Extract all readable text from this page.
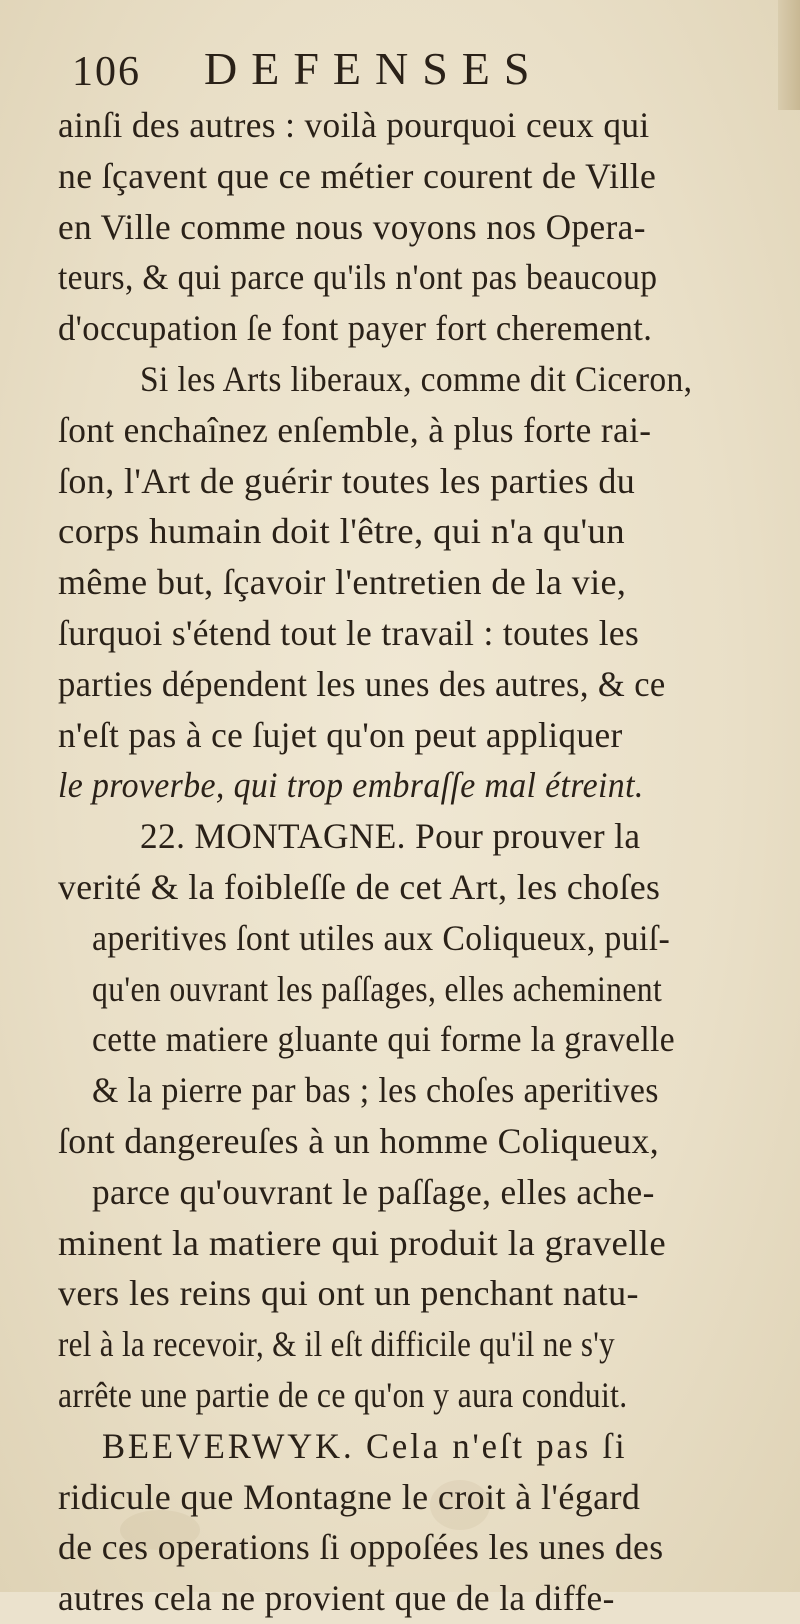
106 DEFENSES
ainſi des autres : voilà pourquoi ceux qui
ne ſçavent que ce métier courent de Ville
en Ville comme nous voyons nos Opera-
teurs, & qui parce qu'ils n'ont pas beaucoup
d'occupation ſe font payer fort cherement.
Si les Arts liberaux, comme dit Ciceron,
ſont enchaînez enſemble, à plus forte rai-
ſon, l'Art de guérir toutes les parties du
corps humain doit l'être, qui n'a qu'un
même but, ſçavoir l'entretien de la vie,
ſurquoi s'étend tout le travail : toutes les
parties dépendent les unes des autres, & ce
n'eſt pas à ce ſujet qu'on peut appliquer
le proverbe, qui trop embraſſe mal étreint.
22. MONTAGNE. Pour prouver la
verité & la foibleſſe de cet Art, les choſes
aperitives ſont utiles aux Coliqueux, puiſ-
qu'en ouvrant les paſſages, elles acheminent
cette matiere gluante qui forme la gravelle
& la pierre par bas ; les choſes aperitives
ſont dangereuſes à un homme Coliqueux,
parce qu'ouvrant le paſſage, elles ache-
minent la matiere qui produit la gravelle
vers les reins qui ont un penchant natu-
rel à la recevoir, & il eſt difficile qu'il ne s'y
arrête une partie de ce qu'on y aura conduit.
BEEVERWYK. Cela n'eſt pas ſi
ridicule que Montagne le croit à l'égard
de ces operations ſi oppoſées les unes des
autres cela ne provient que de la diffe-
